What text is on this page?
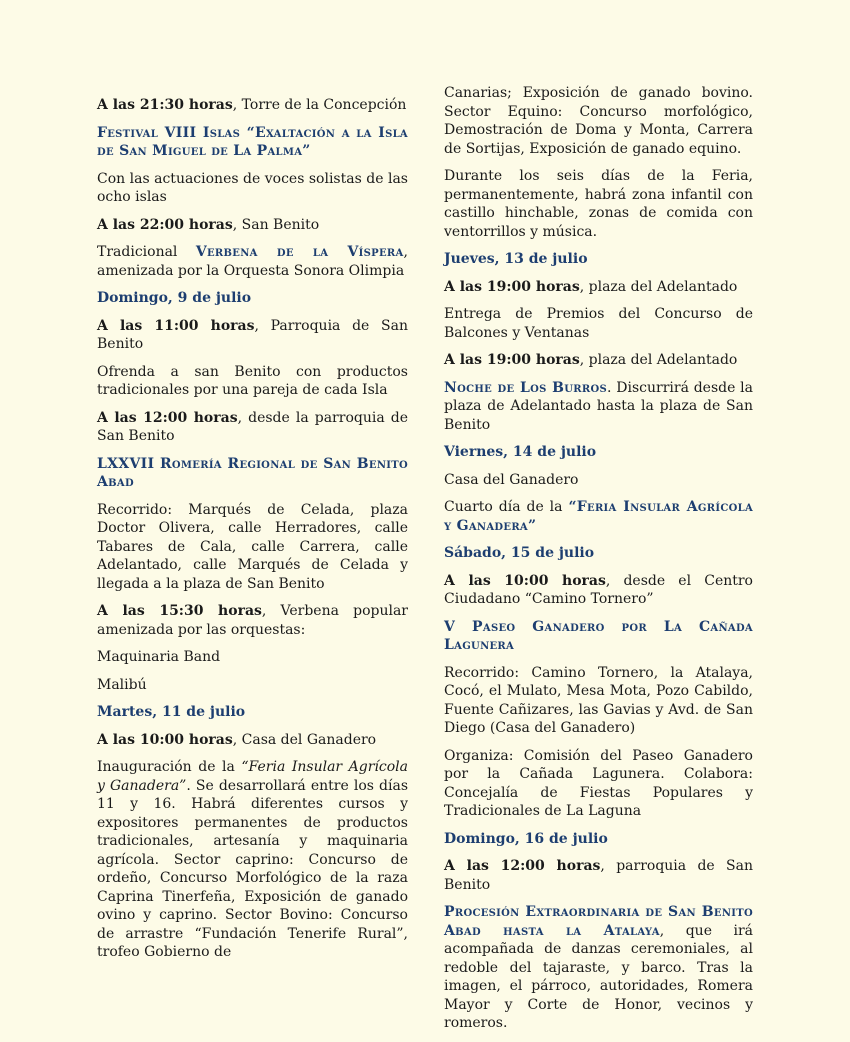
A las 21:30 horas, Torre de la Concepción

Festival VIII Islas “Exaltación a la Isla de San Miguel de La Palma”

Con las actuaciones de voces solistas de las ocho islas

A las 22:00 horas, San Benito

Tradicional Verbena de la Víspera, amenizada por la Orquesta Sonora Olimpia

Domingo, 9 de julio

A las 11:00 horas, Parroquia de San Benito

Ofrenda a san Benito con productos tradicionales por una pareja de cada Isla

A las 12:00 horas, desde la parroquia de San Benito

LXXVII Romería Regional de San Benito Abad

Recorrido: Marqués de Celada, plaza Doctor Olivera, calle Herradores, calle Tabares de Cala, calle Carrera, calle Adelantado, calle Marqués de Celada y llegada a la plaza de San Benito

A las 15:30 horas, Verbena popular amenizada por las orquestas:

Maquinaria Band

Malibú

Martes, 11 de julio

A las 10:00 horas, Casa del Ganadero

Inauguración de la “Feria Insular Agrícola y Ganadera”. Se desarrollará entre los días 11 y 16. Habrá diferentes cursos y expositores permanentes de productos tradicionales, artesanía y maquinaria agrícola. Sector caprino: Concurso de ordeño, Concurso Morfológico de la raza Caprina Tinerfeña, Exposición de ganado ovino y caprino. Sector Bovino: Concurso de arrastre “Fundación Tenerife Rural”, trofeo Gobierno de

Canarias; Exposición de ganado bovino. Sector Equino: Concurso morfológico, Demostración de Doma y Monta, Carrera de Sortijas, Exposición de ganado equino.

Durante los seis días de la Feria, permanentemente, habrá zona infantil con castillo hinchable, zonas de comida con ventorrillos y música.

Jueves, 13 de julio

A las 19:00 horas, plaza del Adelantado

Entrega de Premios del Concurso de Balcones y Ventanas

A las 19:00 horas, plaza del Adelantado

Noche de Los Burros. Discurrirá desde la plaza de Adelantado hasta la plaza de San Benito

Viernes, 14 de julio

Casa del Ganadero

Cuarto día de la “Feria Insular Agrícola y Ganadera”

Sábado, 15 de julio

A las 10:00 horas, desde el Centro Ciudadano “Camino Tornero”

V Paseo Ganadero por La Cañada Lagunera

Recorrido: Camino Tornero, la Atalaya, Cocó, el Mulato, Mesa Mota, Pozo Cabildo, Fuente Cañizares, las Gavias y Avd. de San Diego (Casa del Ganadero)

Organiza: Comisión del Paseo Ganadero por la Cañada Lagunera. Colabora: Concejalía de Fiestas Populares y Tradicionales de La Laguna

Domingo, 16 de julio

A las 12:00 horas, parroquia de San Benito

Procesión Extraordinaria de San Benito Abad hasta la Atalaya, que irá acompañada de danzas ceremoniales, al redoble del tajaraste, y barco. Tras la imagen, el párroco, autoridades, Romera Mayor y Corte de Honor, vecinos y romeros.
